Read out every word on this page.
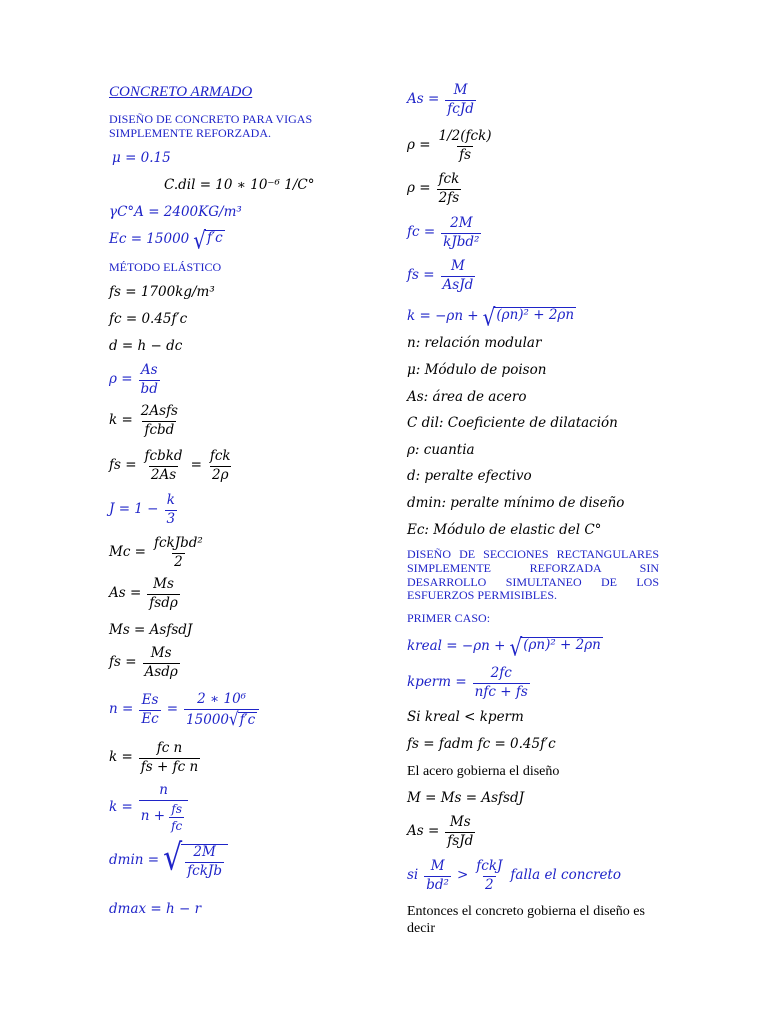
CONCRETO ARMADO
DISEÑO DE CONCRETO PARA VIGAS SIMPLEMENTE REFORZADA.
μ = 0.15
C.dil = 10 ∗ 10⁻⁶ 1/C°
γC°A = 2400KG/m³
Ec = 15000 √ f′c
MÉTODO ELÁSTICO
fs = 1700kg/m³
fc = 0.45f′c
d = h − dc
$\rho = \frac{As}{bd}$
$k = \frac{\text{2Asfs}}{\text{fcbd}}$
fs = $\frac{\text{fcbkd}}{2As} = \frac{\text{fck}}{2\rho}$
$J = 1 - \frac{k}{3}$
$Mc = \frac{\text{fckJbd²}}{2}$
$As = \frac{Ms}{\text{fsdρ}}$
Ms = AsfsdJ
fs = $\frac{Ms}{\text{Asdρ}}$
$n = \frac{Es}{Ec} = \frac{\text{2 ∗ 10⁶}}{15000 √ f'c}$
$k = \frac{\text{fc n}}{\text{fs + fc n}}$
$k = \frac{n}{n + \frac{fs}{fc}}$
dmin = √ $\frac{2M}{\text{fckJb}}$
dmax = h − r
$As = \frac{M}{\text{fcJd}}$
$\rho = \frac{\text{1/2(fck)}}{fs}$
$\rho = \frac{\text{fck}}{2fs}$
fc = $\frac{2M}{\text{kJbd²}}$
fs = $\frac{M}{\text{AsJd}}$
k = −ρn + √ (ρn)² + 2ρn
n: relación modular
μ: Módulo de poison
As: área de acero
C dil: Coeficiente de dilatación
ρ: cuantia
d: peralte efectivo
dmin: peralte mínimo de diseño
Ec: Módulo de elastic del C°
DISEÑO DE SECCIONES RECTANGULARES SIMPLEMENTE REFORZADA SIN DESARROLLO SIMULTANEO DE LOS ESFUERZOS PERMISIBLES.
PRIMER CASO:
kreal = −ρn + √ (ρn)² + 2ρn
kperm = $\frac{2fc}{\text{nfc + fs}}$
Si kreal < kperm
fs = fadm fc = 0.45f′c
El acero gobierna el diseño
M = Ms = AsfsdJ
$As = \frac{Ms}{\text{fsJd}}$
si $\frac{M}{\text{bd²}} > \frac{\text{fckJ}}{2}$ falla el concreto
Entonces el concreto gobierna el diseño es decir
